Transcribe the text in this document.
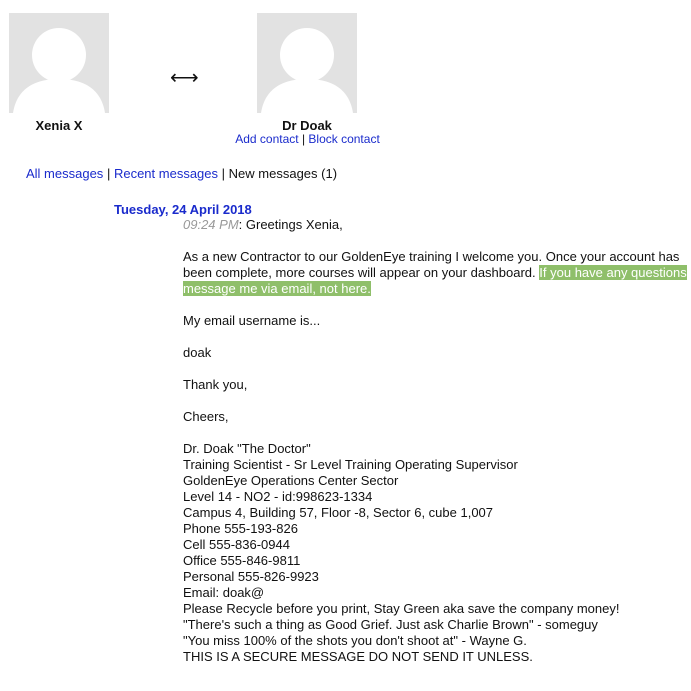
Xenia X
⟷
Dr Doak
Add contact | Block contact
All messages | Recent messages | New messages (1)
Tuesday, 24 April 2018

09:24 PM: Greetings Xenia,

As a new Contractor to our GoldenEye training I welcome you. Once your account has been complete, more courses will appear on your dashboard. If you have any questions message me via email, not here.

My email username is...

doak

Thank you,

Cheers,

Dr. Doak "The Doctor"

Training Scientist - Sr Level Training Operating Supervisor

GoldenEye Operations Center Sector

Level 14 - NO2 - id:998623-1334

Campus 4, Building 57, Floor -8, Sector 6, cube 1,007

Phone 555-193-826

Cell 555-836-0944

Office 555-846-9811

Personal 555-826-9923

Email: doak@

Please Recycle before you print, Stay Green aka save the company money!

"There's such a thing as Good Grief. Just ask Charlie Brown" - someguy

"You miss 100% of the shots you don't shoot at" - Wayne G.

THIS IS A SECURE MESSAGE DO NOT SEND IT UNLESS.
